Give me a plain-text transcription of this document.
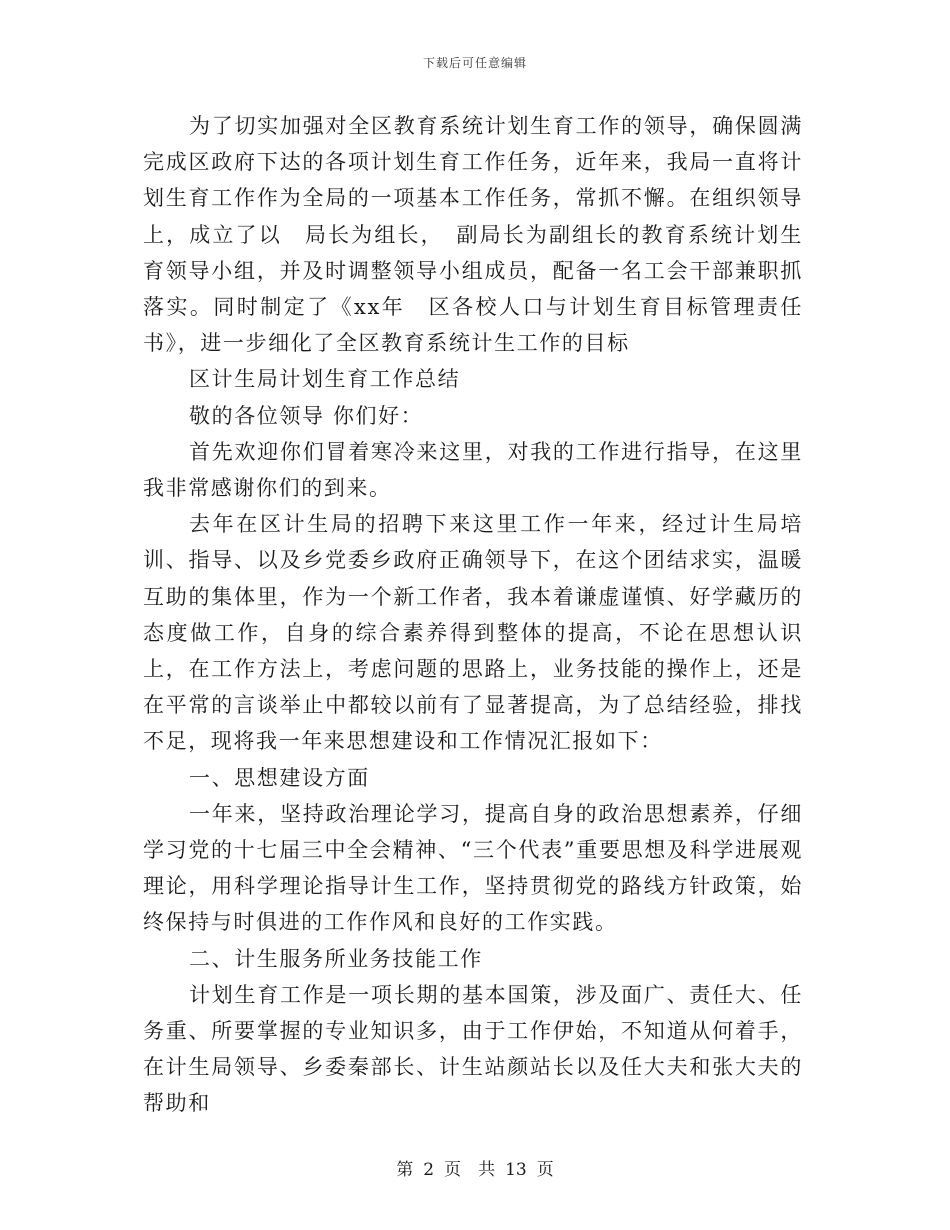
下载后可任意编辑

为了切实加强对全区教育系统计划生育工作的领导，确保圆满完成区政府下达的各项计划生育工作任务，近年来，我局一直将计划生育工作作为全局的一项基本工作任务，常抓不懈。在组织领导上，成立了以　局长为组长，　副局长为副组长的教育系统计划生育领导小组，并及时调整领导小组成员，配备一名工会干部兼职抓落实。同时制定了《xx年　区各校人口与计划生育目标管理责任书》，进一步细化了全区教育系统计生工作的目标

区计生局计划生育工作总结

敬的各位领导 你们好：

首先欢迎你们冒着寒冷来这里，对我的工作进行指导，在这里我非常感谢你们的到来。

去年在区计生局的招聘下来这里工作一年来，经过计生局培训、指导、以及乡党委乡政府正确领导下，在这个团结求实，温暖互助的集体里，作为一个新工作者，我本着谦虚谨慎、好学藏历的态度做工作，自身的综合素养得到整体的提高，不论在思想认识上，在工作方法上，考虑问题的思路上，业务技能的操作上，还是在平常的言谈举止中都较以前有了显著提高，为了总结经验，排找不足，现将我一年来思想建设和工作情况汇报如下：

一、思想建设方面

一年来，坚持政治理论学习，提高自身的政治思想素养，仔细学习党的十七届三中全会精神、“三个代表”重要思想及科学进展观理论，用科学理论指导计生工作，坚持贯彻党的路线方针政策，始终保持与时俱进的工作作风和良好的工作实践。

二、计生服务所业务技能工作

计划生育工作是一项长期的基本国策，涉及面广、责任大、任务重、所要掌握的专业知识多，由于工作伊始，不知道从何着手，在计生局领导、乡委秦部长、计生站颜站长以及任大夫和张大夫的帮助和

第 2 页　共 13 页
